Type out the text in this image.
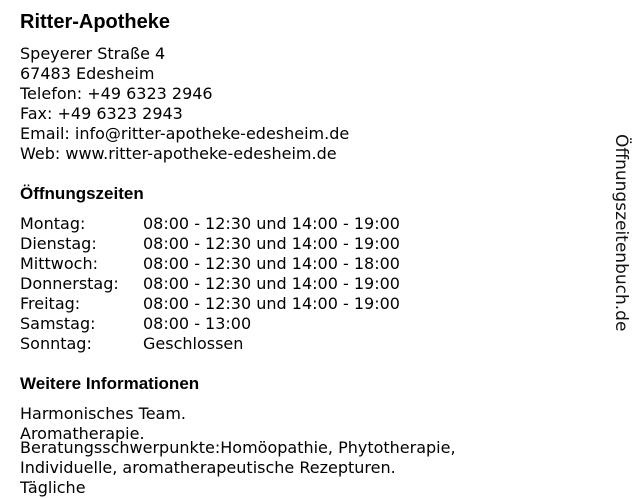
Ritter-Apotheke
Speyerer Straße 4
67483 Edesheim
Telefon: +49 6323 2946
Fax: +49 6323 2943
Email: info@ritter-apotheke-edesheim.de
Web: www.ritter-apotheke-edesheim.de
Öffnungszeiten
Montag:	08:00 - 12:30 und 14:00 - 19:00
Dienstag:	08:00 - 12:30 und 14:00 - 19:00
Mittwoch:	08:00 - 12:30 und 14:00 - 18:00
Donnerstag:	08:00 - 12:30 und 14:00 - 19:00
Freitag:	08:00 - 12:30 und 14:00 - 19:00
Samstag:	08:00 - 13:00
Sonntag:	Geschlossen
Weitere Informationen
Harmonisches Team.
Aromatherapie.
Beratungsschwerpunkte:Homöopathie, Phytotherapie,
Individuelle, aromatherapeutische Rezepturen.
Tägliche
Öffnungszeitenbuch.de
